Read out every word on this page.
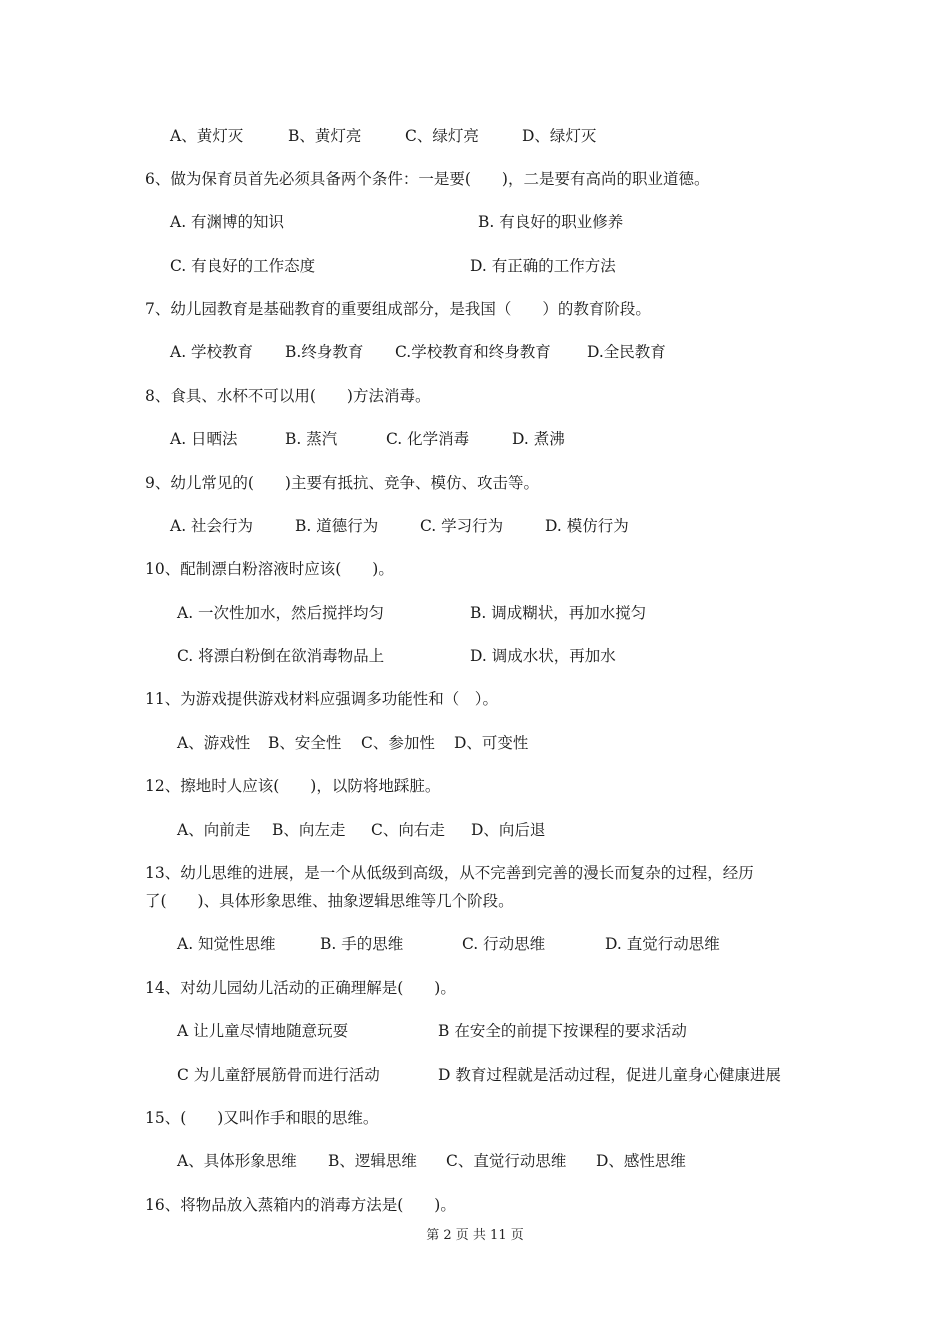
A、黄灯灭	B、黄灯亮	C、绿灯亮	D、绿灯灭
6、做为保育员首先必须具备两个条件：一是要(　　)，二是要有高尚的职业道德。
A. 有渊博的知识	B. 有良好的职业修养
C. 有良好的工作态度	D. 有正确的工作方法
7、幼儿园教育是基础教育的重要组成部分，是我国（　　）的教育阶段。
A. 学校教育 B.终身教育 C.学校教育和终身教育 D.全民教育
8、食具、水杯不可以用(　　)方法消毒。
A. 日晒法	B. 蒸汽	C. 化学消毒	D. 煮沸
9、幼儿常见的(　　)主要有抵抗、竞争、模仿、攻击等。
A. 社会行为	B. 道德行为	C. 学习行为	D. 模仿行为
10、配制漂白粉溶液时应该(　　)。
A. 一次性加水，然后搅拌均匀	B. 调成糊状，再加水搅匀
C. 将漂白粉倒在欲消毒物品上	D. 调成水状，再加水
11、为游戏提供游戏材料应强调多功能性和（　）。
A、游戏性 B、安全性 C、参加性 D、可变性
12、擦地时人应该(　　)，以防将地踩脏。
A、向前走 B、向左走 C、向右走 D、向后退
13、幼儿思维的进展，是一个从低级到高级，从不完善到完善的漫长而复杂的过程，经历
了(　　)、具体形象思维、抽象逻辑思维等几个阶段。
A. 知觉性思维	B. 手的思维	C. 行动思维	D. 直觉行动思维
14、对幼儿园幼儿活动的正确理解是(　　)。
A 让儿童尽情地随意玩耍	B 在安全的前提下按课程的要求活动
C 为儿童舒展筋骨而进行活动	D 教育过程就是活动过程，促进儿童身心健康进展
15、(　　)又叫作手和眼的思维。
A、具体形象思维 B、逻辑思维 C、直觉行动思维 D、感性思维
16、将物品放入蒸箱内的消毒方法是(　　)。
第 2 页 共 11 页
